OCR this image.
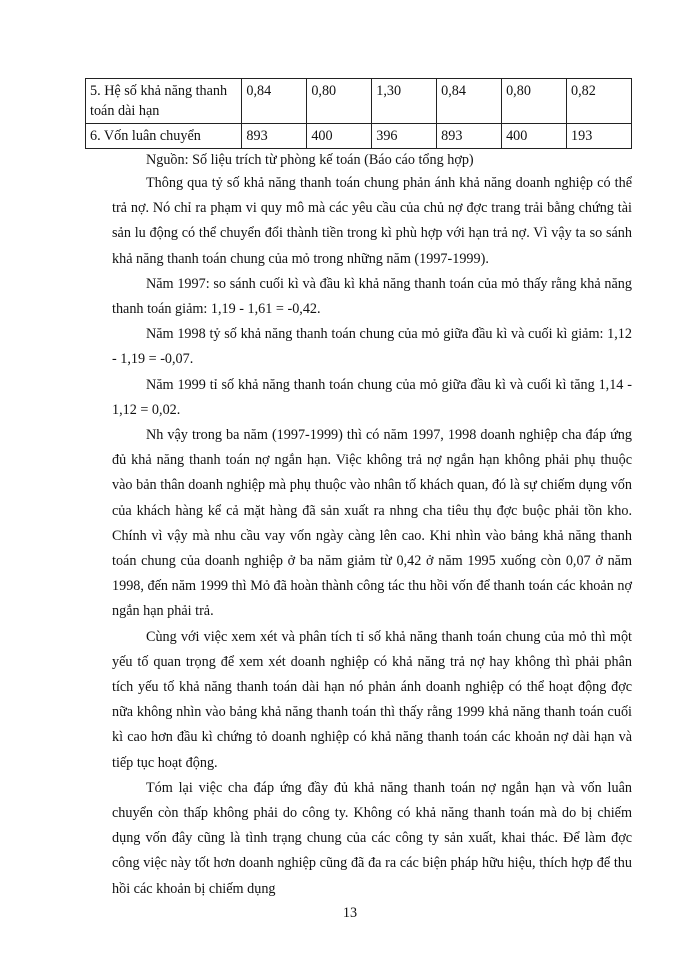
5. Hệ số khả năng thanh toán dài hạn	0,84	0,80	1,30	0,84	0,80	0,82
6. Vốn luân chuyển	893	400	396	893	400	193
Nguồn: Số liệu trích từ phòng kế toán (Báo cáo tổng hợp)

Thông qua tỷ số khả năng thanh toán chung phản ánh khả năng doanh nghiệp có thể trả nợ. Nó chỉ ra phạm vi quy mô mà các yêu cầu của chủ nợ đợc trang trải bằng chứng tài sản lu động có thể chuyển đổi thành tiền trong kì phù hợp với hạn trả nợ. Vì vậy ta so sánh khả năng thanh toán chung của mỏ trong những năm (1997-1999).

Năm 1997: so sánh cuối kì và đầu kì khả năng thanh toán của mỏ thấy rằng khả năng thanh toán giảm: 1,19 - 1,61 = -0,42.

Năm 1998 tỷ số khả năng thanh toán chung của mỏ giữa đầu kì và cuối kì giảm: 1,12 - 1,19 = -0,07.

Năm 1999 tỉ số khả năng thanh toán chung của mỏ giữa đầu kì và cuối kì tăng 1,14 - 1,12 = 0,02.

Nh vậy trong ba năm (1997-1999) thì có năm 1997, 1998 doanh nghiệp cha đáp ứng đủ khả năng thanh toán nợ ngắn hạn. Việc không trả nợ ngắn hạn không phải phụ thuộc vào bản thân doanh nghiệp mà phụ thuộc vào nhân tố khách quan, đó là sự chiếm dụng vốn của khách hàng kể cả mặt hàng đã sản xuất ra nhng cha tiêu thụ đợc buộc phải tồn kho. Chính vì vậy mà nhu cầu vay vốn ngày càng lên cao. Khi nhìn vào bảng khả năng thanh toán chung của doanh nghiệp ở ba năm giảm từ 0,42 ở năm 1995 xuống còn 0,07 ở năm 1998, đến năm 1999 thì Mỏ đã hoàn thành công tác thu hồi vốn để thanh toán các khoản nợ ngắn hạn phải trả.

Cùng với việc xem xét và phân tích tỉ số khả năng thanh toán chung của mỏ thì một yếu tố quan trọng để xem xét doanh nghiệp có khả năng trả nợ hay không thì phải phân tích yếu tố khả năng thanh toán dài hạn nó phản ánh doanh nghiệp có thể hoạt động đợc nữa không nhìn vào bảng khả năng thanh toán thì thấy rằng 1999 khả năng thanh toán cuối kì cao hơn đầu kì chứng tỏ doanh nghiệp có khả năng thanh toán các khoản nợ dài hạn và tiếp tục hoạt động.

Tóm lại việc cha đáp ứng đầy đủ khả năng thanh toán nợ ngắn hạn và vốn luân chuyển còn thấp không phải do công ty. Không có khả năng thanh toán mà do bị chiếm dụng vốn đây cũng là tình trạng chung của các công ty sản xuất, khai thác. Để làm đợc công việc này tốt hơn doanh nghiệp cũng đã đa ra các biện pháp hữu hiệu, thích hợp để thu hồi các khoản bị chiếm dụng

13
